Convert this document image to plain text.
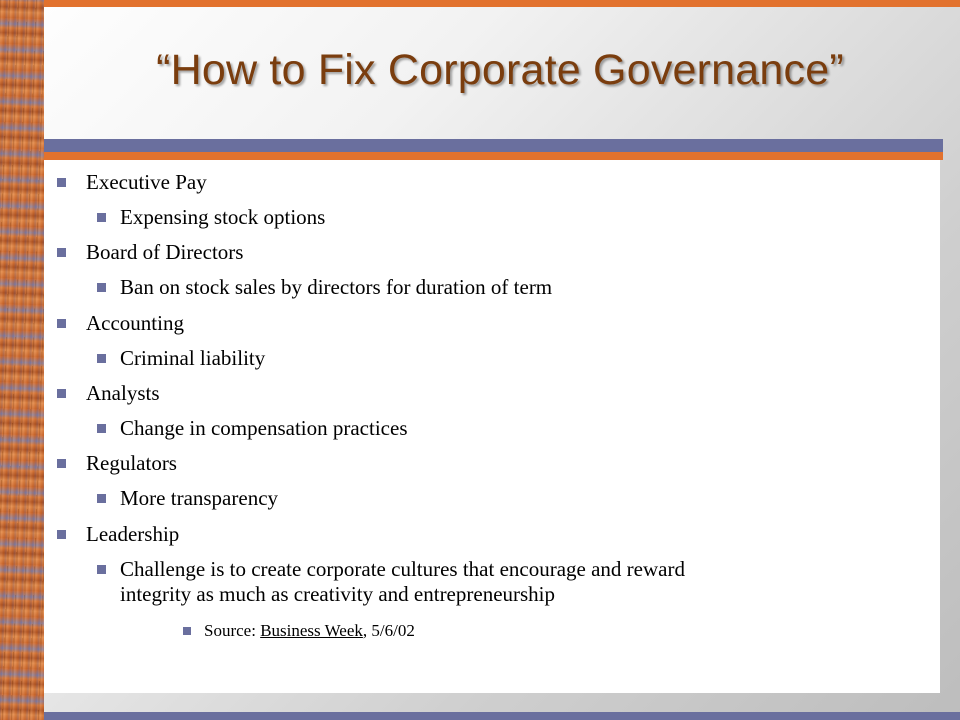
“How to Fix Corporate Governance”
Executive Pay
Expensing stock options
Board of Directors
Ban on stock sales by directors for duration of term
Accounting
Criminal liability
Analysts
Change in compensation practices
Regulators
More transparency
Leadership
Challenge is to create corporate cultures that encourage and reward
integrity as much as creativity and entrepreneurship
Source: Business Week, 5/6/02
